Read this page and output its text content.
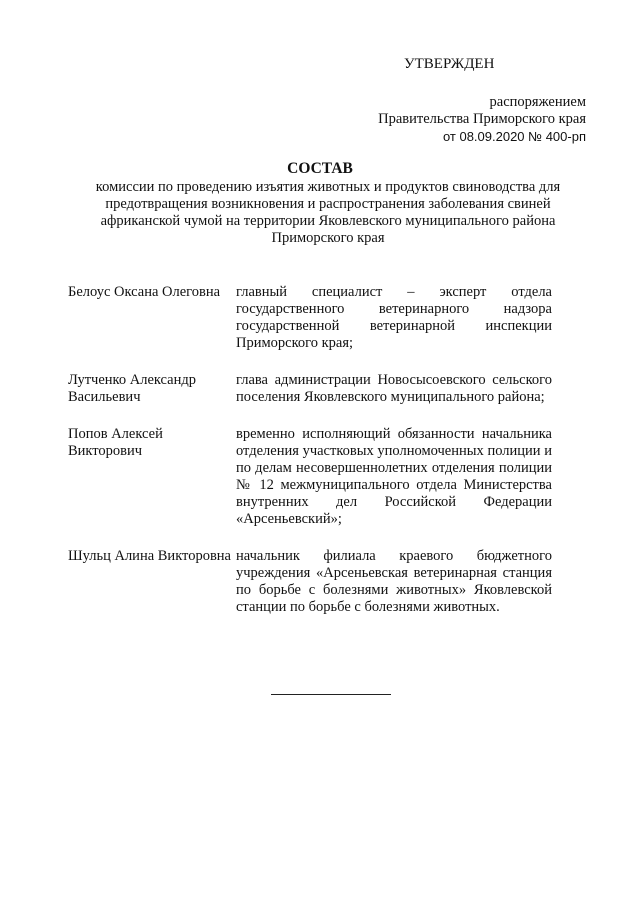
УТВЕРЖДЕН
распоряжением
Правительства Приморского края
от 08.09.2020 № 400-рп
СОСТАВ
комиссии по проведению изъятия животных и продуктов свиноводства для предотвращения возникновения и распространения заболевания свиней африканской чумой на территории Яковлевского муниципального района Приморского края
Белоус Оксана Олеговна	главный специалист – эксперт отдела государственного ветеринарного надзора государственной ветеринарной инспекции Приморского края;
Лутченко Александр Васильевич
глава администрации Новосысоевского сельского поселения Яковлевского муниципального района;
Попов Алексей Викторович
временно исполняющий обязанности начальника отделения участковых уполномоченных полиции и по делам несовершеннолетних отделения полиции № 12 межмуниципального отдела Министерства внутренних дел Российской Федерации «Арсеньевский»;
Шульц Алина Викторовна начальник филиала краевого бюджетного учреждения «Арсеньевская ветеринарная станция по борьбе с болезнями животных» Яковлевской станции по борьбе с болезнями животных.
